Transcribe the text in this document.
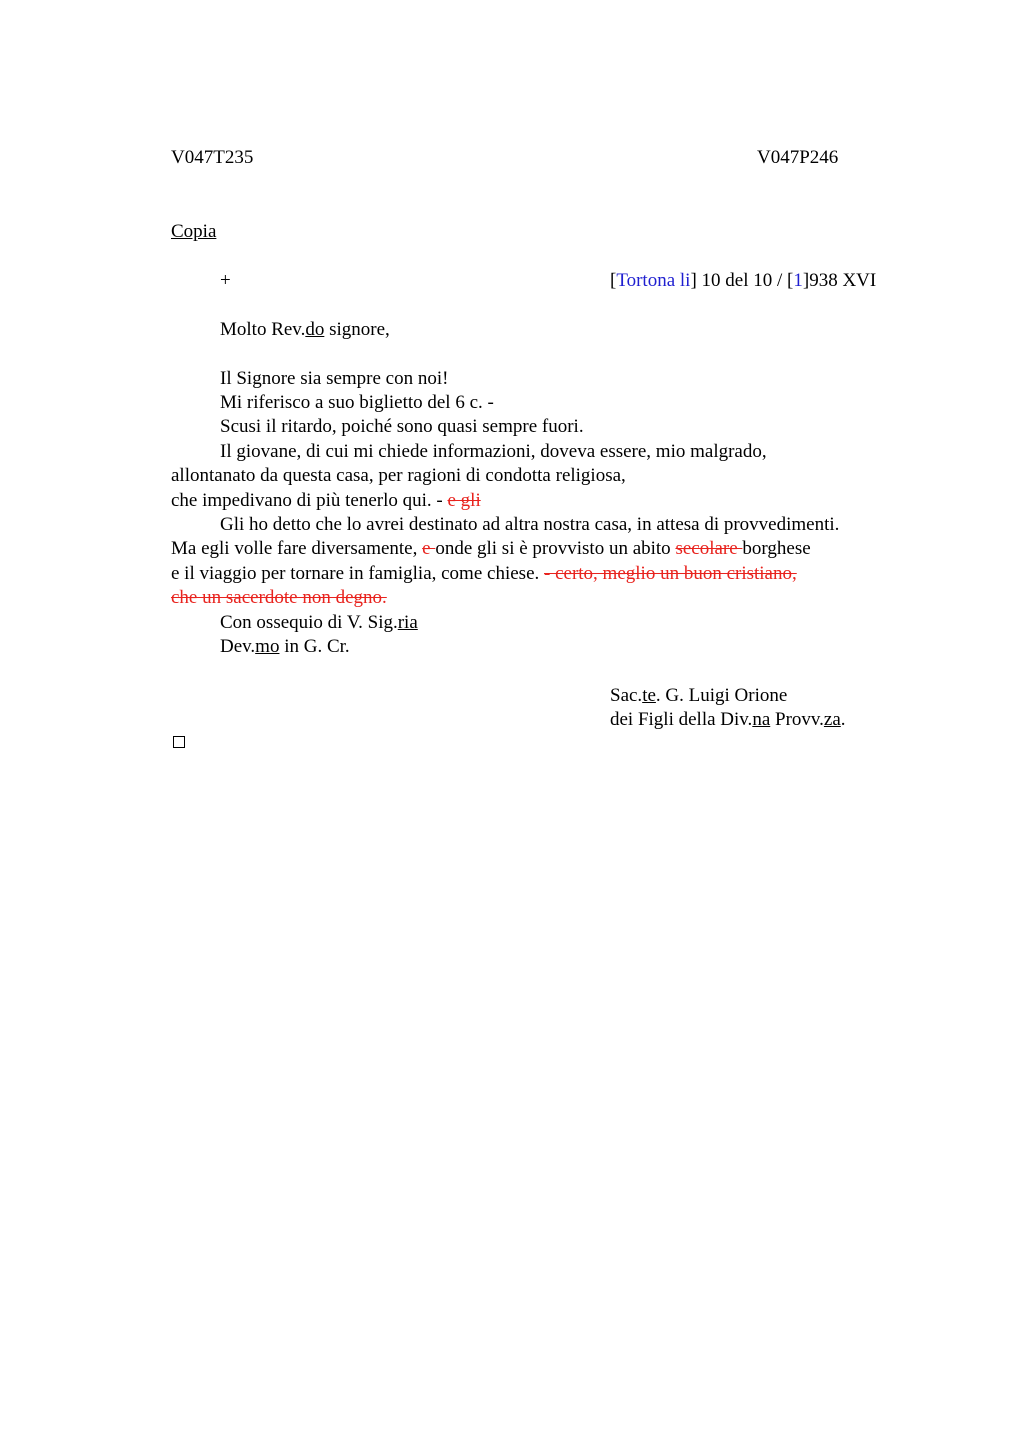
V047T235	V047P246
Copia
+	[Tortona li] 10 del 10 / [1]938 XVI
Molto Rev.do signore,
Il Signore sia sempre con noi!
Mi riferisco a suo biglietto del 6 c. -
Scusi il ritardo, poiché sono quasi sempre fuori.
Il giovane, di cui mi chiede informazioni, doveva essere, mio malgrado,
allontanato da questa casa, per ragioni di condotta religiosa,
che impedivano di più tenerlo qui. - e gli
Gli ho detto che lo avrei destinato ad altra nostra casa, in attesa di provvedimenti.
Ma egli volle fare diversamente, e onde gli si è provvisto un abito secolare borghese
e il viaggio per tornare in famiglia, come chiese. - certo, meglio un buon cristiano,
che un sacerdote non degno.
Con ossequio di V. Sig.ria
Dev.mo in G. Cr.
Sac.te. G. Luigi Orione
dei Figli della Div.na Provv.za.
